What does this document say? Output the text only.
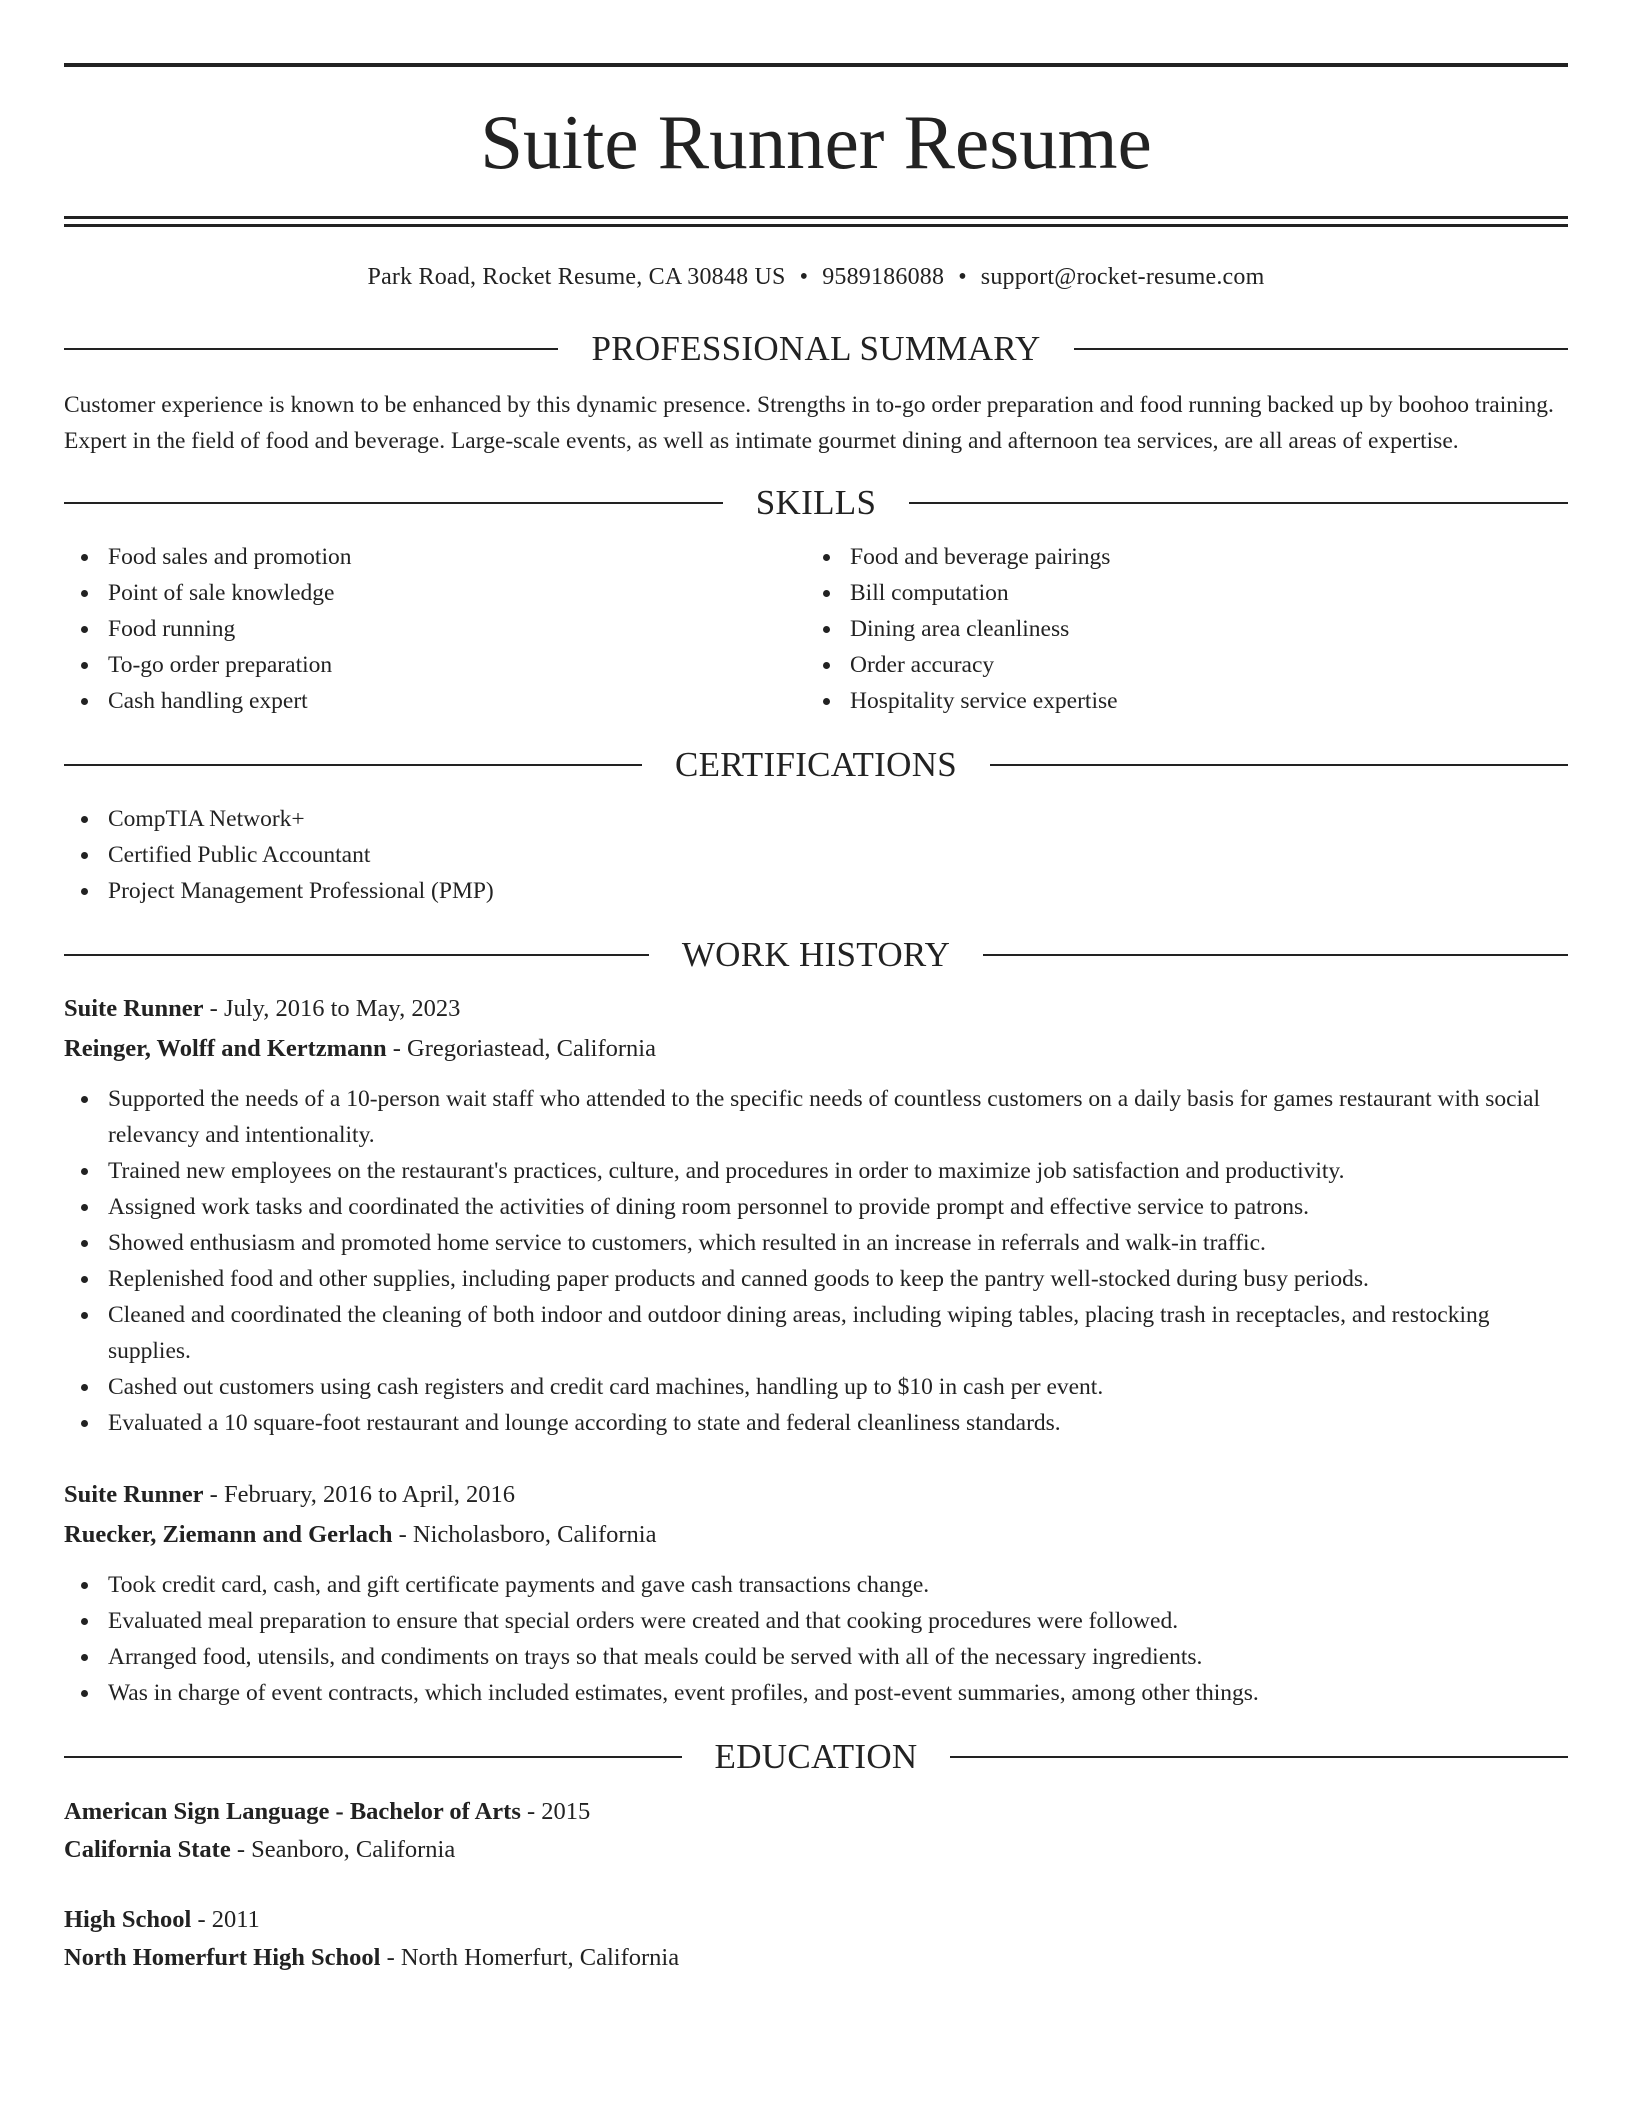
Suite Runner Resume
Park Road, Rocket Resume, CA 30848 US • 9589186088 • support@rocket-resume.com
PROFESSIONAL SUMMARY
Customer experience is known to be enhanced by this dynamic presence. Strengths in to-go order preparation and food running backed up by boohoo training. Expert in the field of food and beverage. Large-scale events, as well as intimate gourmet dining and afternoon tea services, are all areas of expertise.
SKILLS
Food sales and promotion
Point of sale knowledge
Food running
To-go order preparation
Cash handling expert
Food and beverage pairings
Bill computation
Dining area cleanliness
Order accuracy
Hospitality service expertise
CERTIFICATIONS
CompTIA Network+
Certified Public Accountant
Project Management Professional (PMP)
WORK HISTORY
Suite Runner - July, 2016 to May, 2023
Reinger, Wolff and Kertzmann - Gregoriastead, California
Supported the needs of a 10-person wait staff who attended to the specific needs of countless customers on a daily basis for games restaurant with social relevancy and intentionality.
Trained new employees on the restaurant's practices, culture, and procedures in order to maximize job satisfaction and productivity.
Assigned work tasks and coordinated the activities of dining room personnel to provide prompt and effective service to patrons.
Showed enthusiasm and promoted home service to customers, which resulted in an increase in referrals and walk-in traffic.
Replenished food and other supplies, including paper products and canned goods to keep the pantry well-stocked during busy periods.
Cleaned and coordinated the cleaning of both indoor and outdoor dining areas, including wiping tables, placing trash in receptacles, and restocking supplies.
Cashed out customers using cash registers and credit card machines, handling up to $10 in cash per event.
Evaluated a 10 square-foot restaurant and lounge according to state and federal cleanliness standards.
Suite Runner - February, 2016 to April, 2016
Ruecker, Ziemann and Gerlach - Nicholasboro, California
Took credit card, cash, and gift certificate payments and gave cash transactions change.
Evaluated meal preparation to ensure that special orders were created and that cooking procedures were followed.
Arranged food, utensils, and condiments on trays so that meals could be served with all of the necessary ingredients.
Was in charge of event contracts, which included estimates, event profiles, and post-event summaries, among other things.
EDUCATION
American Sign Language - Bachelor of Arts - 2015
California State - Seanboro, California
High School - 2011
North Homerfurt High School - North Homerfurt, California
